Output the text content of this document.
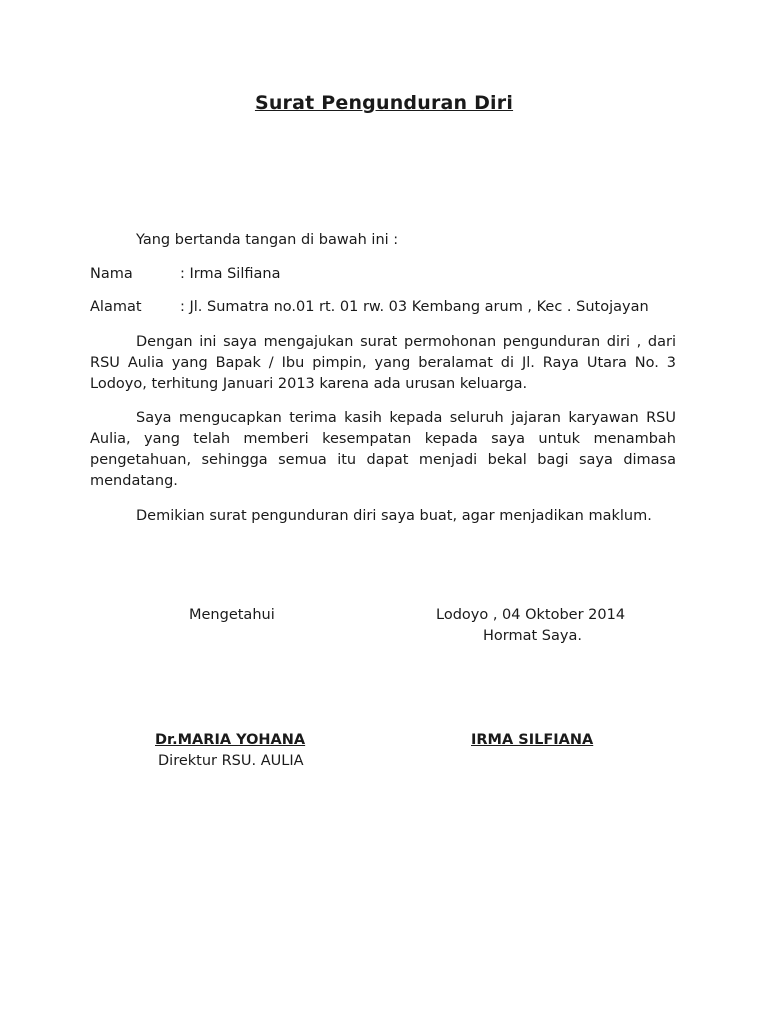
Surat Pengunduran Diri
Yang bertanda tangan di bawah ini :
Nama	: Irma Silfiana
Alamat	: Jl. Sumatra no.01 rt. 01 rw. 03 Kembang arum , Kec . Sutojayan
Dengan ini saya mengajukan surat permohonan pengunduran diri , dari RSU Aulia yang Bapak / Ibu pimpin, yang beralamat di Jl. Raya Utara No. 3 Lodoyo, terhitung Januari 2013 karena ada urusan keluarga.
Saya mengucapkan terima kasih kepada seluruh jajaran karyawan RSU Aulia, yang telah memberi kesempatan kepada saya untuk menambah pengetahuan, sehingga semua itu dapat menjadi bekal bagi saya dimasa mendatang.
Demikian surat pengunduran diri saya buat, agar menjadikan maklum.
Mengetahui	Lodoyo , 04 Oktober 2014
Hormat Saya.
Dr.MARIA YOHANA
Direktur RSU. AULIA
IRMA SILFIANA
